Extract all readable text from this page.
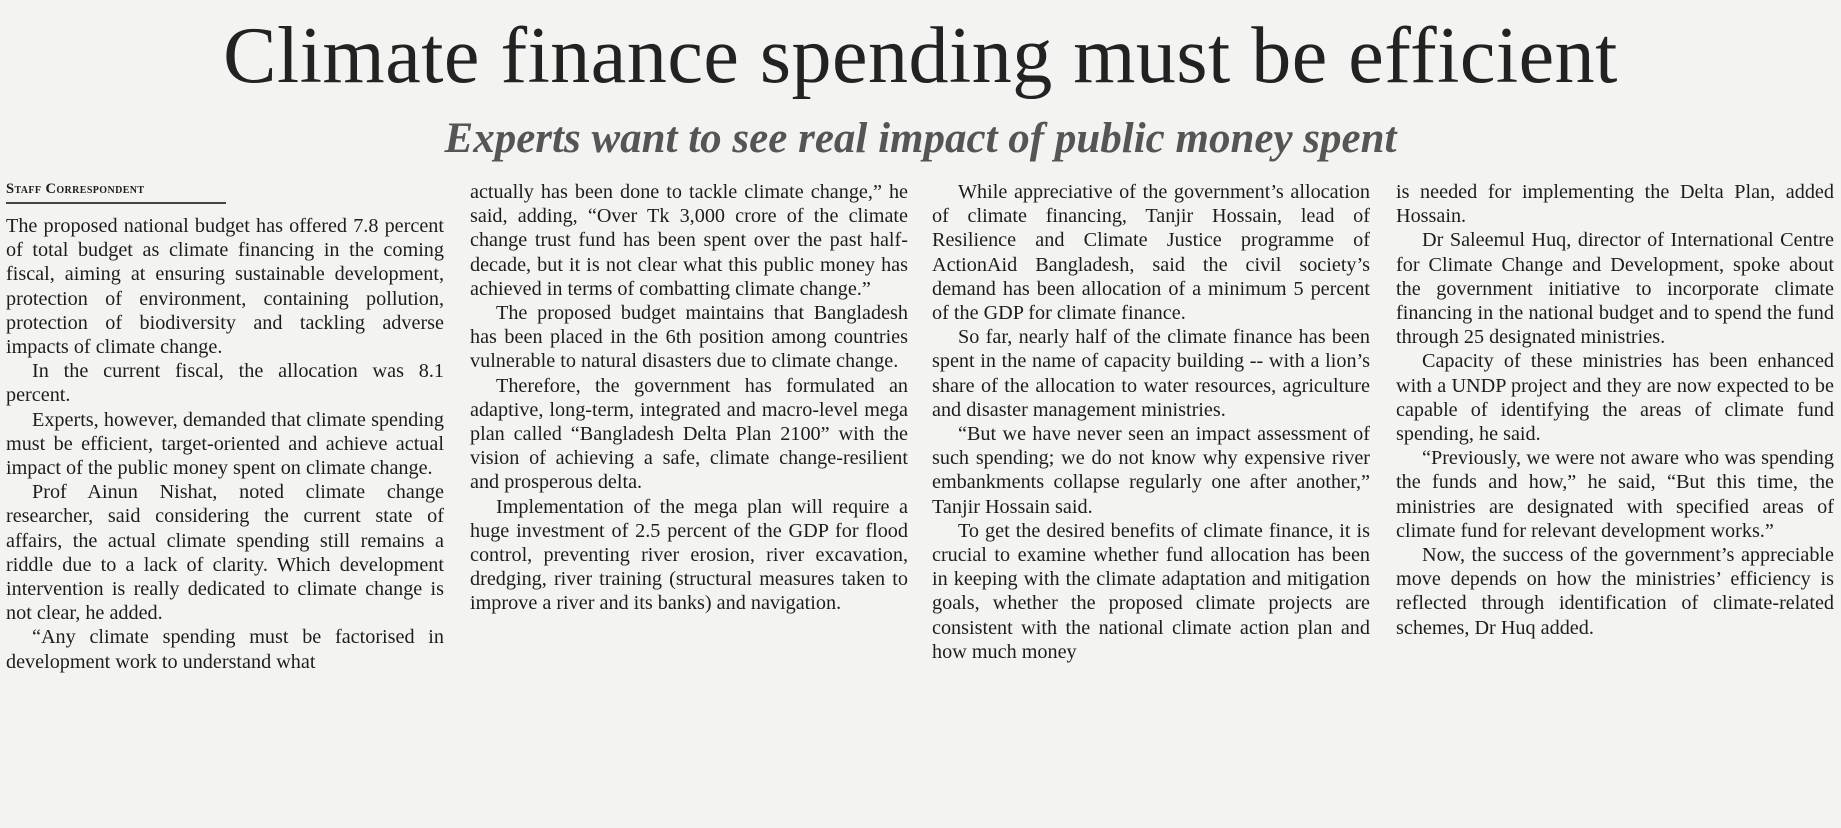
Climate finance spending must be efficient
Experts want to see real impact of public money spent
Staff Correspondent

The proposed national budget has offered 7.8 percent of total budget as climate financing in the coming fiscal, aiming at ensuring sustainable development, protection of environment, containing pollution, protection of biodiversity and tackling adverse impacts of climate change.

In the current fiscal, the allocation was 8.1 percent.

Experts, however, demanded that climate spending must be efficient, target-oriented and achieve actual impact of the public money spent on climate change.

Prof Ainun Nishat, noted climate change researcher, said considering the current state of affairs, the actual climate spending still remains a riddle due to a lack of clarity. Which development intervention is really dedicated to climate change is not clear, he added.

“Any climate spending must be factorised in development work to understand what

actually has been done to tackle climate change,” he said, adding, “Over Tk 3,000 crore of the climate change trust fund has been spent over the past half-decade, but it is not clear what this public money has achieved in terms of combatting climate change.”

The proposed budget maintains that Bangladesh has been placed in the 6th position among countries vulnerable to natural disasters due to climate change.

Therefore, the government has formulated an adaptive, long-term, integrated and macro-level mega plan called “Bangladesh Delta Plan 2100” with the vision of achieving a safe, climate change-resilient and prosperous delta.

Implementation of the mega plan will require a huge investment of 2.5 percent of the GDP for flood control, preventing river erosion, river excavation, dredging, river training (structural measures taken to improve a river and its banks) and navigation.

While appreciative of the government’s allocation of climate financing, Tanjir Hossain, lead of Resilience and Climate Justice programme of ActionAid Bangladesh, said the civil society’s demand has been allocation of a minimum 5 percent of the GDP for climate finance.

So far, nearly half of the climate finance has been spent in the name of capacity building -- with a lion’s share of the allocation to water resources, agriculture and disaster management ministries.

“But we have never seen an impact assessment of such spending; we do not know why expensive river embankments collapse regularly one after another,” Tanjir Hossain said.

To get the desired benefits of climate finance, it is crucial to examine whether fund allocation has been in keeping with the climate adaptation and mitigation goals, whether the proposed climate projects are consistent with the national climate action plan and how much money

is needed for implementing the Delta Plan, added Hossain.

Dr Saleemul Huq, director of International Centre for Climate Change and Development, spoke about the government initiative to incorporate climate financing in the national budget and to spend the fund through 25 designated ministries.

Capacity of these ministries has been enhanced with a UNDP project and they are now expected to be capable of identifying the areas of climate fund spending, he said.

“Previously, we were not aware who was spending the funds and how,” he said, “But this time, the ministries are designated with specified areas of climate fund for relevant development works.”

Now, the success of the government’s appreciable move depends on how the ministries’ efficiency is reflected through identification of climate-related schemes, Dr Huq added.
